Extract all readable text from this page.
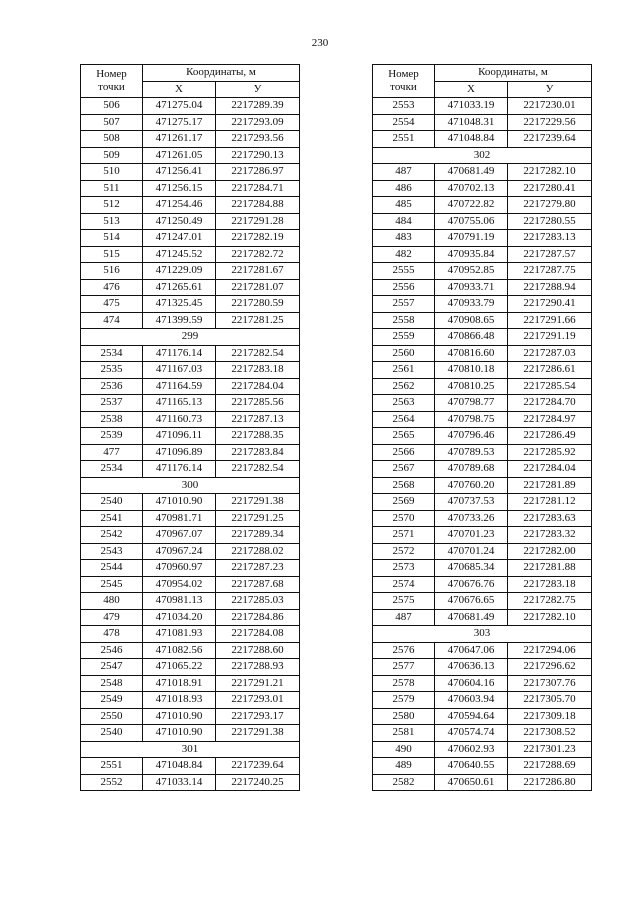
230
Номер
точки	Координаты, м	
	Х	У
506	471275.04	2217289.39
507	471275.17	2217293.09
508	471261.17	2217293.56
509	471261.05	2217290.13
510	471256.41	2217286.97
511	471256.15	2217284.71
512	471254.46	2217284.88
513	471250.49	2217291.28
514	471247.01	2217282.19
515	471245.52	2217282.72
516	471229.09	2217281.67
476	471265.61	2217281.07
475	471325.45	2217280.59
474	471399.59	2217281.25
299		
2534	471176.14	2217282.54
2535	471167.03	2217283.18
2536	471164.59	2217284.04
2537	471165.13	2217285.56
2538	471160.73	2217287.13
2539	471096.11	2217288.35
477	471096.89	2217283.84
2534	471176.14	2217282.54
300		
2540	471010.90	2217291.38
2541	470981.71	2217291.25
2542	470967.07	2217289.34
2543	470967.24	2217288.02
2544	470960.97	2217287.23
2545	470954.02	2217287.68
480	470981.13	2217285.03
479	471034.20	2217284.86
478	471081.93	2217284.08
2546	471082.56	2217288.60
2547	471065.22	2217288.93
2548	471018.91	2217291.21
2549	471018.93	2217293.01
2550	471010.90	2217293.17
2540	471010.90	2217291.38
301		
2551	471048.84	2217239.64
2552	471033.14	2217240.25
Номер
точки	Координаты, м	
	Х	У
2553	471033.19	2217230.01
2554	471048.31	2217229.56
2551	471048.84	2217239.64
302		
487	470681.49	2217282.10
486	470702.13	2217280.41
485	470722.82	2217279.80
484	470755.06	2217280.55
483	470791.19	2217283.13
482	470935.84	2217287.57
2555	470952.85	2217287.75
2556	470933.71	2217288.94
2557	470933.79	2217290.41
2558	470908.65	2217291.66
2559	470866.48	2217291.19
2560	470816.60	2217287.03
2561	470810.18	2217286.61
2562	470810.25	2217285.54
2563	470798.77	2217284.70
2564	470798.75	2217284.97
2565	470796.46	2217286.49
2566	470789.53	2217285.92
2567	470789.68	2217284.04
2568	470760.20	2217281.89
2569	470737.53	2217281.12
2570	470733.26	2217283.63
2571	470701.23	2217283.32
2572	470701.24	2217282.00
2573	470685.34	2217281.88
2574	470676.76	2217283.18
2575	470676.65	2217282.75
487	470681.49	2217282.10
303		
2576	470647.06	2217294.06
2577	470636.13	2217296.62
2578	470604.16	2217307.76
2579	470603.94	2217305.70
2580	470594.64	2217309.18
2581	470574.74	2217308.52
490	470602.93	2217301.23
489	470640.55	2217288.69
2582	470650.61	2217286.80
